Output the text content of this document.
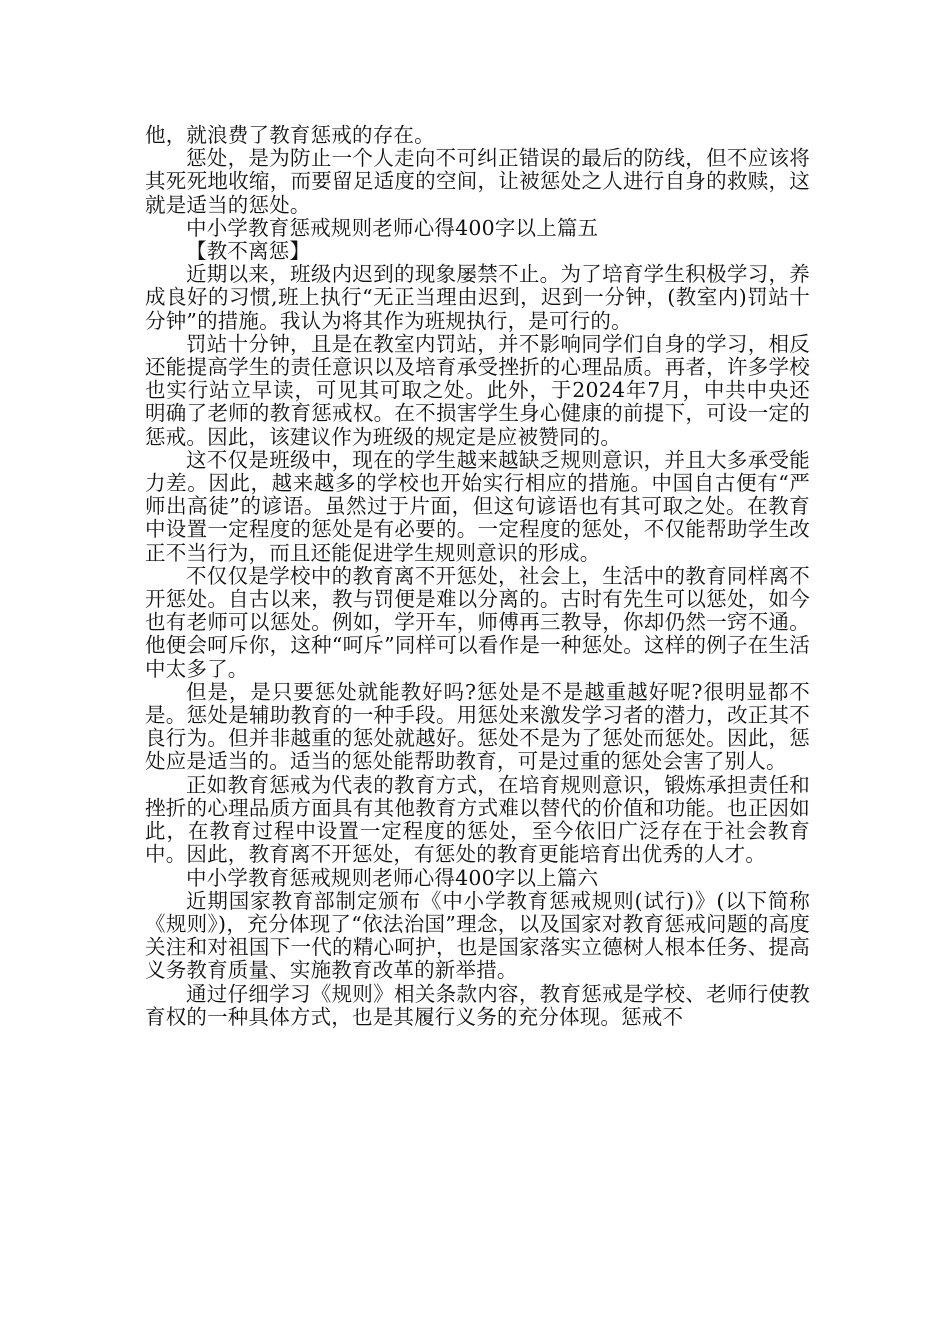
他，就浪费了教育惩戒的存在。

惩处，是为防止一个人走向不可纠正错误的最后的防线，但不应该将其死死地收缩，而要留足适度的空间，让被惩处之人进行自身的救赎，这就是适当的惩处。

中小学教育惩戒规则老师心得400字以上篇五

【教不离惩】

近期以来，班级内迟到的现象屡禁不止。为了培育学生积极学习，养成良好的习惯,班上执行“无正当理由迟到，迟到一分钟，(教室内)罚站十分钟”的措施。我认为将其作为班规执行，是可行的。

罚站十分钟，且是在教室内罚站，并不影响同学们自身的学习，相反还能提高学生的责任意识以及培育承受挫折的心理品质。再者，许多学校也实行站立早读，可见其可取之处。此外，于2024年7月，中共中央还明确了老师的教育惩戒权。在不损害学生身心健康的前提下，可设一定的惩戒。因此，该建议作为班级的规定是应被赞同的。

这不仅是班级中，现在的学生越来越缺乏规则意识，并且大多承受能力差。因此，越来越多的学校也开始实行相应的措施。中国自古便有“严师出高徒”的谚语。虽然过于片面，但这句谚语也有其可取之处。在教育中设置一定程度的惩处是有必要的。一定程度的惩处，不仅能帮助学生改正不当行为，而且还能促进学生规则意识的形成。

不仅仅是学校中的教育离不开惩处，社会上，生活中的教育同样离不开惩处。自古以来，教与罚便是难以分离的。古时有先生可以惩处，如今也有老师可以惩处。例如，学开车，师傅再三教导，你却仍然一窍不通。他便会呵斥你，这种“呵斥”同样可以看作是一种惩处。这样的例子在生活中太多了。

但是，是只要惩处就能教好吗?惩处是不是越重越好呢?很明显都不是。惩处是辅助教育的一种手段。用惩处来激发学习者的潜力，改正其不良行为。但并非越重的惩处就越好。惩处不是为了惩处而惩处。因此，惩处应是适当的。适当的惩处能帮助教育，可是过重的惩处会害了别人。

正如教育惩戒为代表的教育方式，在培育规则意识，锻炼承担责任和挫折的心理品质方面具有其他教育方式难以替代的价值和功能。也正因如此，在教育过程中设置一定程度的惩处，至今依旧广泛存在于社会教育中。因此，教育离不开惩处，有惩处的教育更能培育出优秀的人才。

中小学教育惩戒规则老师心得400字以上篇六

近期国家教育部制定颁布《中小学教育惩戒规则(试行)》(以下简称《规则》)，充分体现了“依法治国”理念，以及国家对教育惩戒问题的高度关注和对祖国下一代的精心呵护，也是国家落实立德树人根本任务、提高义务教育质量、实施教育改革的新举措。

通过仔细学习《规则》相关条款内容，教育惩戒是学校、老师行使教育权的一种具体方式，也是其履行义务的充分体现。惩戒不
